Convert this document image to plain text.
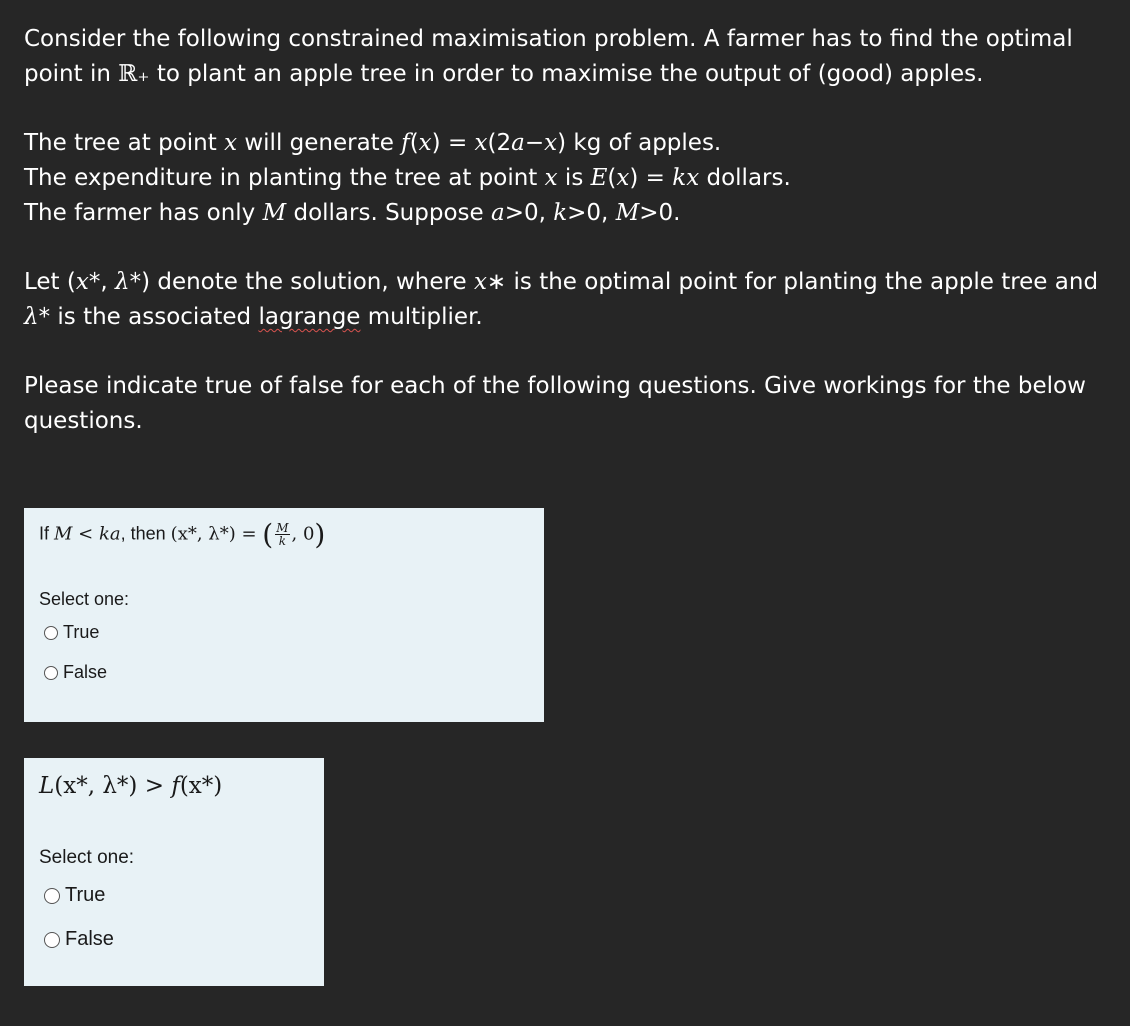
Consider the following constrained maximisation problem. A farmer has to find the optimal

point in ℝ₊ to plant an apple tree in order to maximise the output of (good) apples.

The tree at point x will generate f(x) = x(2a−x) kg of apples.

The expenditure in planting the tree at point x is E(x) = kx dollars.

The farmer has only M dollars. Suppose a>0, k>0, M>0.

Let (x*, λ*) denote the solution, where x∗ is the optimal point for planting the apple tree and

λ* is the associated lagrange multiplier.

Please indicate true of false for each of the following questions. Give workings for the below questions.

If M < ka, then (x*, λ*) = ( $\frac{M}{k}$ , 0)
Select one:
True
False
L(x*, λ*) > f(x*)
Select one:
True
False
